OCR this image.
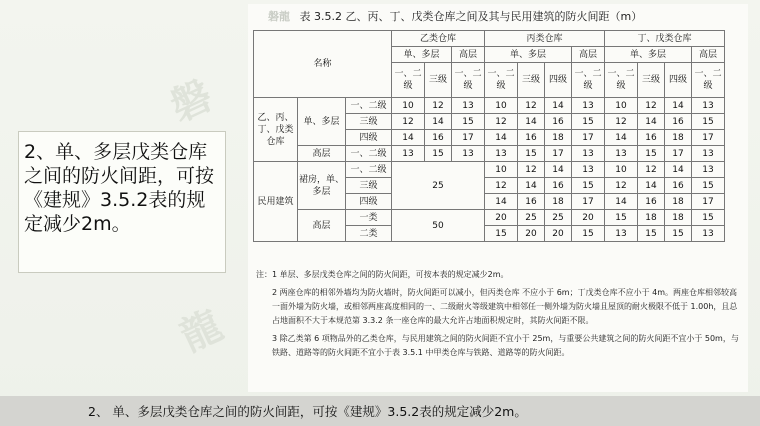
磐
龍
磐龍 表 3.5.2 乙、丙、丁、戊类仓库之间及其与民用建筑的防火间距（m）
名称			乙类仓库			丙类仓库				丁、戊类仓库			
			单、多层		高层	单、多层			高层	单、多层			高层
			一、二级	三级	一、二级	一、二级	三级	四级	一、二级	一、二级	三级	四级	一、二级
乙、丙、丁、戊类仓库	单、多层	一、二级	10	12	13	10	12	14	13	10	12	14	13
		三级	12	14	15	12	14	16	15	12	14	16	15
		四级	14	16	17	14	16	18	17	14	16	18	17
	高层	一、二级	13	15	13	13	15	17	13	13	15	17	13
民用建筑	裙房，单、多层	一、二级	25			10	12	14	13	10	12	14	13
		三级				12	14	16	15	12	14	16	15
		四级				14	16	18	17	14	16	18	17
	高层	一类	50			20	25	25	20	15	18	18	15
		二类				15	20	20	15	13	15	15	13

注：1 单层、多层戊类仓库之间的防火间距，可按本表的规定减少2m。

2 两座仓库的相邻外墙均为防火墙时，防火间距可以减小，但丙类仓库 不应小于 6m；丁戊类仓库不应小于 4m。两座仓库相邻较高一面外墙为防火墙，或相邻两座高度相同的一、二级耐火等级建筑中相邻任一侧外墙为防火墙且屋顶的耐火极限不低于 1.00h，且总占地面积不大于本规范第 3.3.2 条一座仓库的最大允许占地面积规定时，其防火间距不限。

3 除乙类第 6 项物品外的乙类仓库，与民用建筑之间的防火间距不宜小于 25m，与重要公共建筑之间的防火间距不宜小于 50m，与铁路、道路等的防火间距不宜小于表 3.5.1 中甲类仓库与铁路、道路等的防火间距。

2、单、多层戊类仓库之间的防火间距，可按《建规》3.5.2表的规定减少2m。
2、 单、多层戊类仓库之间的防火间距，可按《建规》3.5.2表的规定减少2m。
